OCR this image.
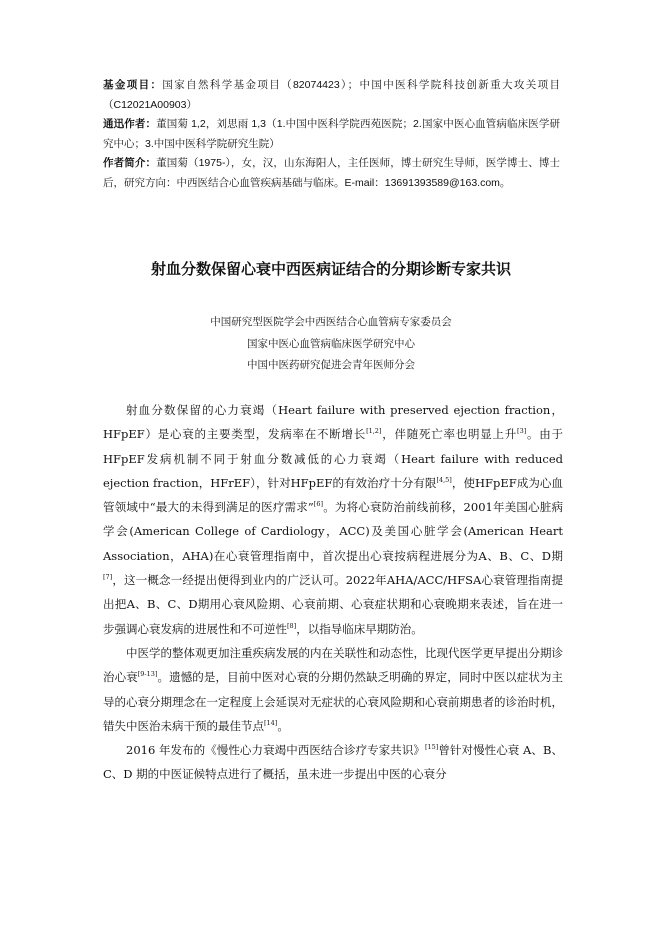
基金项目：国家自然科学基金项目（82074423）；中国中医科学院科技创新重大攻关项目（C12021A00903）

通迅作者：董国菊 1,2，刘思雨 1,3（1.中国中医科学院西苑医院；2.国家中医心血管病临床医学研究中心；3.中国中医科学院研究生院）

作者简介：董国菊（1975-），女，汉，山东海阳人，主任医师，博士研究生导师，医学博士、博士后，研究方向：中西医结合心血管疾病基础与临床。E-mail：13691393589@163.com。

射血分数保留心衰中西医病证结合的分期诊断专家共识
中国研究型医院学会中西医结合心血管病专家委员会
国家中医心血管病临床医学研究中心
中国中医药研究促进会青年医师分会

射血分数保留的心力衰竭（Heart failure with preserved ejection fraction，HFpEF）是心衰的主要类型，发病率在不断增长[1,2]，伴随死亡率也明显上升[3]。由于HFpEF发病机制不同于射血分数减低的心力衰竭（Heart failure with reduced ejection fraction，HFrEF），针对HFpEF的有效治疗十分有限[4,5]，使HFpEF成为心血管领域中“最大的未得到满足的医疗需求”[6]。为将心衰防治前线前移，2001年美国心脏病学会(American College of Cardiology，ACC)及美国心脏学会(American Heart Association，AHA)在心衰管理指南中，首次提出心衰按病程进展分为A、B、C、D期[7]，这一概念一经提出便得到业内的广泛认可。2022年AHA/ACC/HFSA心衰管理指南提出把A、B、C、D期用心衰风险期、心衰前期、心衰症状期和心衰晚期来表述，旨在进一步强调心衰发病的进展性和不可逆性[8]，以指导临床早期防治。

中医学的整体观更加注重疾病发展的内在关联性和动态性，比现代医学更早提出分期诊治心衰[9-13]。遗憾的是，目前中医对心衰的分期仍然缺乏明确的界定，同时中医以症状为主导的心衰分期理念在一定程度上会延误对无症状的心衰风险期和心衰前期患者的诊治时机，错失中医治未病干预的最佳节点[14]。

2016 年发布的《慢性心力衰竭中西医结合诊疗专家共识》[15]曾针对慢性心衰 A、B、C、D 期的中医证候特点进行了概括，虽未进一步提出中医的心衰分
